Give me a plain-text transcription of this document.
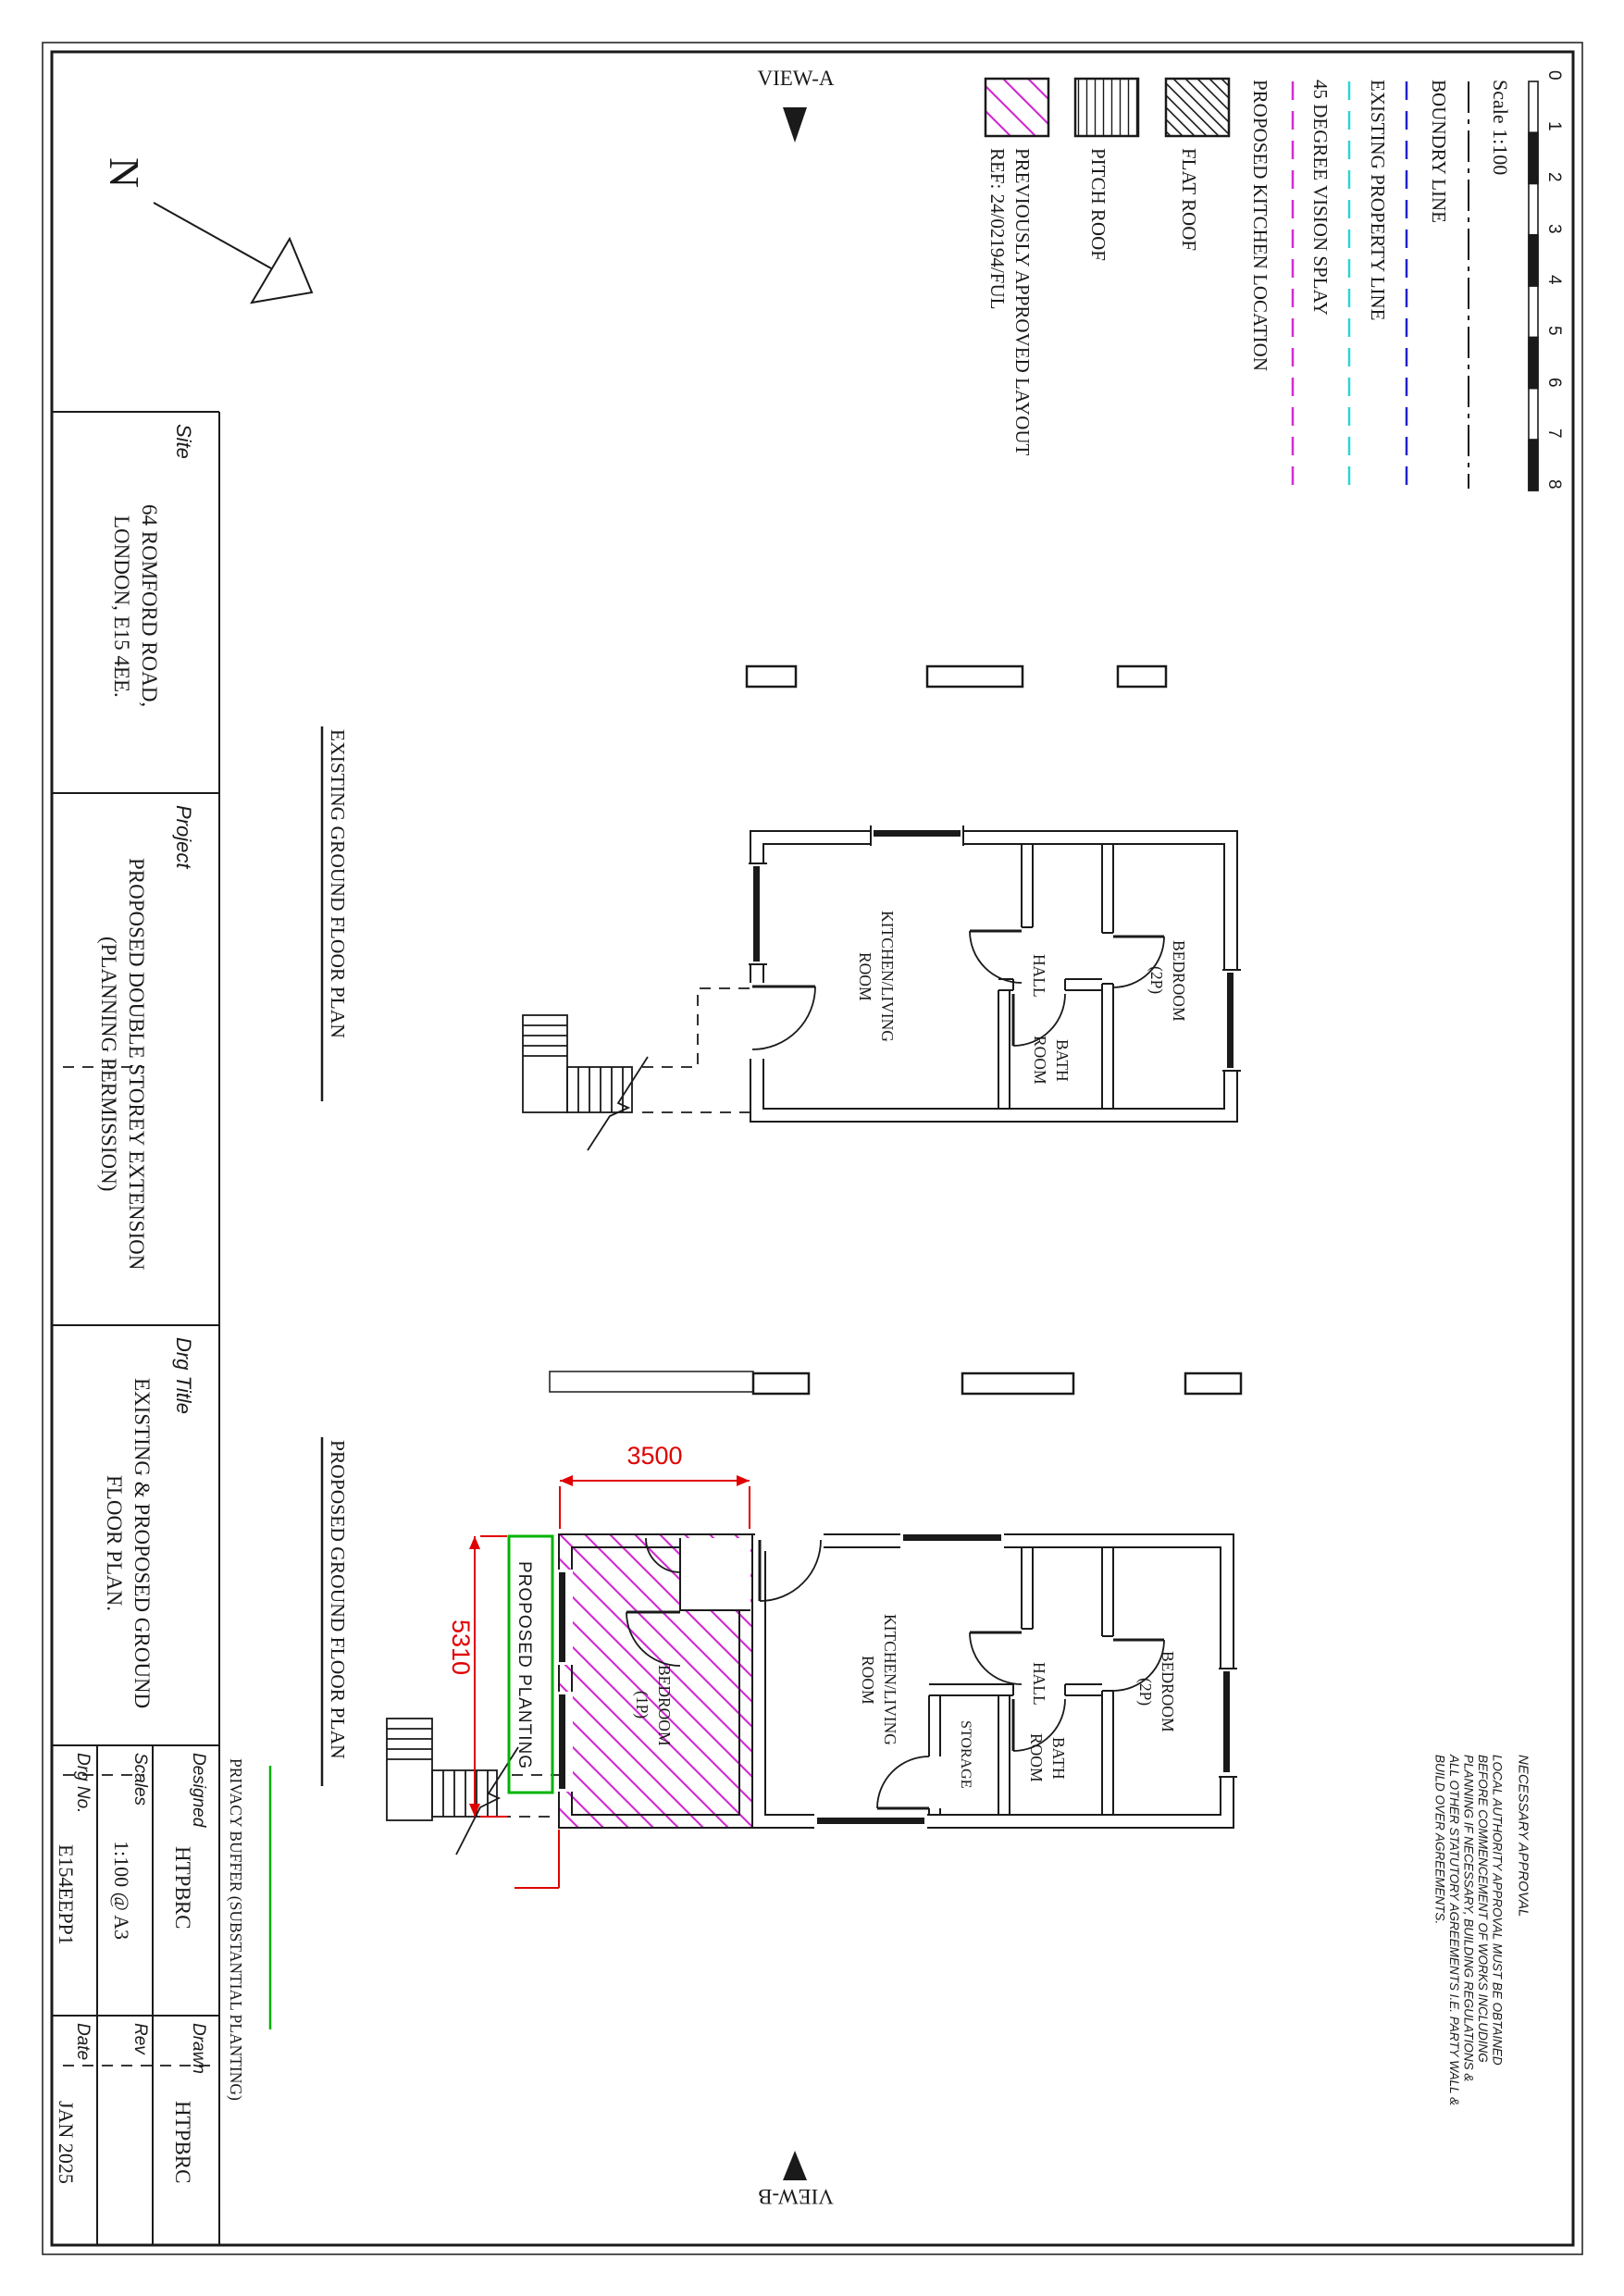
N
VIEW-A
VIEW-B
Scale 1:100
0
1
2
3
4
5
6
7
8
BOUNDRY LINE
EXISTING PROPERTY LINE
45 DEGREE VISION SPLAY
PROPOSED KITCHEN LOCATION
FLAT ROOF
PITCH ROOF
PREVIOUSLY APPROVED LAYOUT
REF: 24/02194/FUL
EXISTING GROUND FLOOR PLAN
PROPOSED GROUND FLOOR PLAN
KITCHEN/LIVING
ROOM	HALL
BATH
ROOM
BEDROOM
(2P)
BEDROOM
(1P)	KITCHEN/LIVING
ROOM
STORAGE
HALL
BATH
ROOM
BEDROOM
(2P)
3500
5310 PROPOSED PLANTING
PRIVACY BUFFER (SUBSTANTIAL PLANTING)
Site
64 ROMFORD ROAD,
LONDON, E15 4EE.
Project
PROPOSED DOUBLE STOREY EXTENSION
(PLANNING PERMISSION)
Drg Title
EXISTING & PROPOSED GROUND
FLOOR PLAN.
Designed
HTPBRC
Drawn
HTPBRC
Scales
1:100 @ A3
Rev
Drg No.
E154EEPP1
Date
JAN 2025
NECESSARY APPROVAL
LOCAL AUTHORITY APPROVAL MUST BE OBTAINED
BEFORE COMMENCEMENT OF WORKS INCLUDING
PLANNING IF NECESSARY, BUILDING REGULATIONS &
ALL OTHER STATUTORY AGREEMENTS I.E. PARTY WALL &
BUILD OVER AGREEMENTS.
